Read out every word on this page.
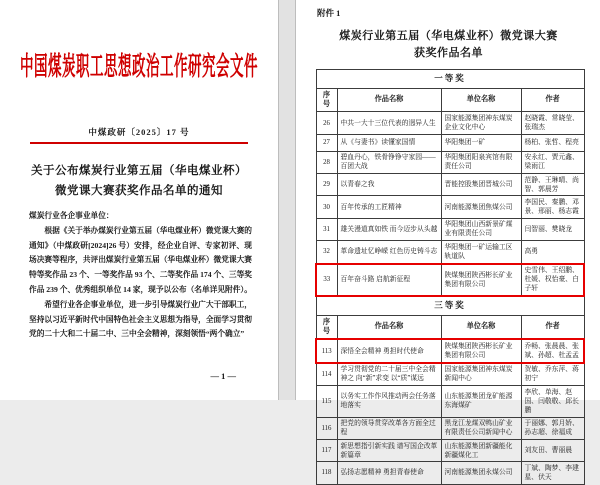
中国煤炭职工思想政治工作研究会文件
中煤政研〔2025〕17 号
关于公布煤炭行业第五届（华电煤业杯）
微党课大赛获奖作品名单的通知

煤炭行业各企事业单位：

根据《关于举办煤炭行业第五届（华电煤业杯）微党课大赛的通知》（中煤政研[2024]26 号）安排，经企业自评、专家初评、现场决赛等程序，共评出煤炭行业第五届（华电煤业杯）微党课大赛特等奖作品 23 个、一等奖作品 93 个、二等奖作品 174 个、三等奖作品 239 个、优秀组织单位 14 家，现予以公布（名单详见附件）。

希望行业各企事业单位，进一步引导煤炭行业广大干部职工，坚持以习近平新时代中国特色社会主义思想为指导，全面学习贯彻党的二十大和二十届二中、三中全会精神，深刻领悟“两个确立”

— 1 —
附件 1
煤炭行业第五届（华电煤业杯）微党课大赛
获奖作品名单
一等奖			
序号	作品名称	单位名称	作者
26	中共一大十三位代表的迥异人生	国家能源集团神东煤炭企业文化中心	赵晓霞、常晓莹、张瑞杰
27	从《与妻书》读懂家国情	华阳集团一矿	杨柏、张哲、程亮
28	碧血丹心，铁骨铮铮守家园——百团大战	华阳集团阳泉宾馆有限责任公司	安永红、贾元鑫、梁雨江
29	以青春之我	晋能控股集团晋城公司	范静、王琳晴、尚智、郭晨芳
30	百年传承的工匠精神	河南能源集团焦煤公司	李国民、秦鹏、邓景、邢丽、杨志霞
31	雄关漫道真如铁 而今迈步从头越	华阳集团山西新景矿煤业有限责任公司	闫智丽、樊晓龙
32	革命遗址忆峥嵘 红色历史铸斗志	华阳集团一矿运输工区轨道队	高勇
33	百年奋斗路 启航新征程	陕煤集团陕西彬长矿业集团有限公司	史雪伟、王绍鹏、杜媛、权怡豪、白子轩
三等奖			
序号	作品名称	单位名称	作者
113	深悟全会精神 勇担时代使命	陕煤集团陕西彬长矿业集团有限公司	乔畅、张晨晨、张斌、孙超、杜孟孟
114	学习贯彻党的二十届三中全会精神之 向“新”求变 以“质”谋远	国家能源集团神东煤炭新闻中心	贺敏、乔东萍、蒋初宁
115	以务实工作作风推动两会任务落地落实	山东能源集团龙矿能源东海煤矿	李欣、单海、赵国、闫敬敬、邱长鹏
116	把党的领导贯穿改革各方面全过程	黑龙江龙煤双鸭山矿业有限责任公司新闻中心	于丽娜、郭月娇、孙志超、徐福成
117	新思想指引新实践 谱写国企改革新篇章	山东能源集团新疆能化新疆煤化工	刘友田、曹丽晨
118	弘扬志愿精神 勇担青春使命	河南能源集团永煤公司	丁斌、陶梦、李建星、伏天
